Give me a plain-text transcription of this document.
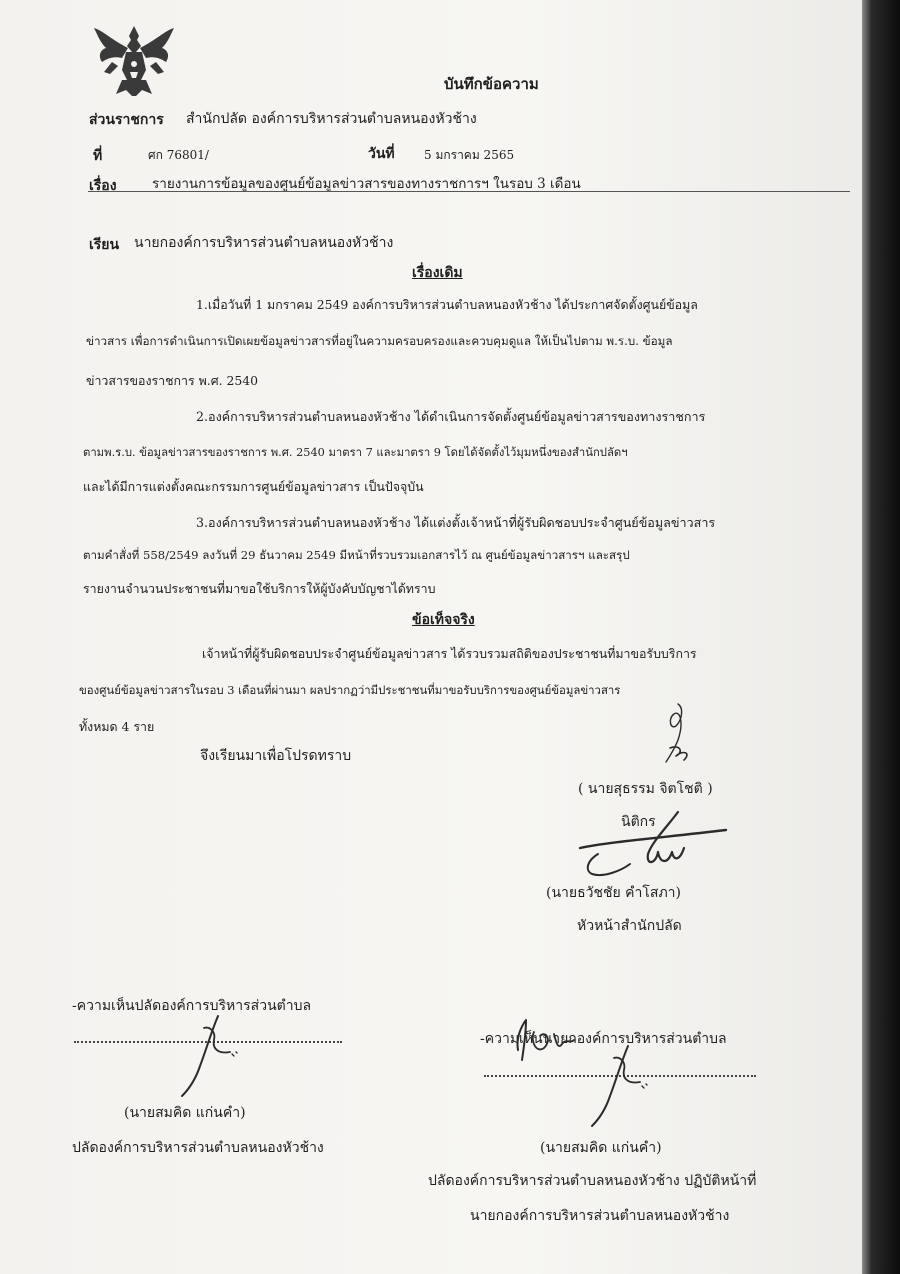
บันทึกข้อความ
ส่วนราชการ สำนักปลัด องค์การบริหารส่วนตำบลหนองหัวช้าง
ที่	ศก 76801/	วันที่ 5 มกราคม 2565
เรื่อง	รายงานการข้อมูลของศูนย์ข้อมูลข่าวสารของทางราชการฯ ในรอบ 3 เดือน
เรียน นายกองค์การบริหารส่วนตำบลหนองหัวช้าง
เรื่องเดิม
1.เมื่อวันที่ 1 มกราคม 2549 องค์การบริหารส่วนตำบลหนองหัวช้าง ได้ประกาศจัดตั้งศูนย์ข้อมูล
ข่าวสาร เพื่อการดำเนินการเปิดเผยข้อมูลข่าวสารที่อยู่ในความครอบครองและควบคุมดูแล ให้เป็นไปตาม พ.ร.บ. ข้อมูล
ข่าวสารของราชการ พ.ศ. 2540
2.องค์การบริหารส่วนตำบลหนองหัวช้าง ได้ดำเนินการจัดตั้งศูนย์ข้อมูลข่าวสารของทางราชการ
ตามพ.ร.บ. ข้อมูลข่าวสารของราชการ พ.ศ. 2540 มาตรา 7 และมาตรา 9 โดยได้จัดตั้งไว้มุมหนึ่งของสำนักปลัดฯ
และได้มีการแต่งตั้งคณะกรรมการศูนย์ข้อมูลข่าวสาร เป็นปัจจุบัน
3.องค์การบริหารส่วนตำบลหนองหัวช้าง ได้แต่งตั้งเจ้าหน้าที่ผู้รับผิดชอบประจำศูนย์ข้อมูลข่าวสาร
ตามคำสั่งที่ 558/2549 ลงวันที่ 29 ธันวาคม 2549 มีหน้าที่รวบรวมเอกสารไว้ ณ ศูนย์ข้อมูลข่าวสารฯ และสรุป
รายงานจำนวนประชาชนที่มาขอใช้บริการให้ผู้บังคับบัญชาได้ทราบ
ข้อเท็จจริง
เจ้าหน้าที่ผู้รับผิดชอบประจำศูนย์ข้อมูลข่าวสาร ได้รวบรวมสถิติของประชาชนที่มาขอรับบริการ
ของศูนย์ข้อมูลข่าวสารในรอบ 3 เดือนที่ผ่านมา ผลปรากฏว่ามีประชาชนที่มาขอรับบริการของศูนย์ข้อมูลข่าวสาร
ทั้งหมด 4 ราย
จึงเรียนมาเพื่อโปรดทราบ
( นายสุธรรม จิตโชติ )
นิติกร
(นายธวัชชัย คำโสภา)
หัวหน้าสำนักปลัด
-ความเห็นปลัดองค์การบริหารส่วนตำบล
(นายสมคิด แก่นคำ)
ปลัดองค์การบริหารส่วนตำบลหนองหัวช้าง
-ความเห็นนายกองค์การบริหารส่วนตำบล
(นายสมคิด แก่นคำ)
ปลัดองค์การบริหารส่วนตำบลหนองหัวช้าง ปฏิบัติหน้าที่
นายกองค์การบริหารส่วนตำบลหนองหัวช้าง
